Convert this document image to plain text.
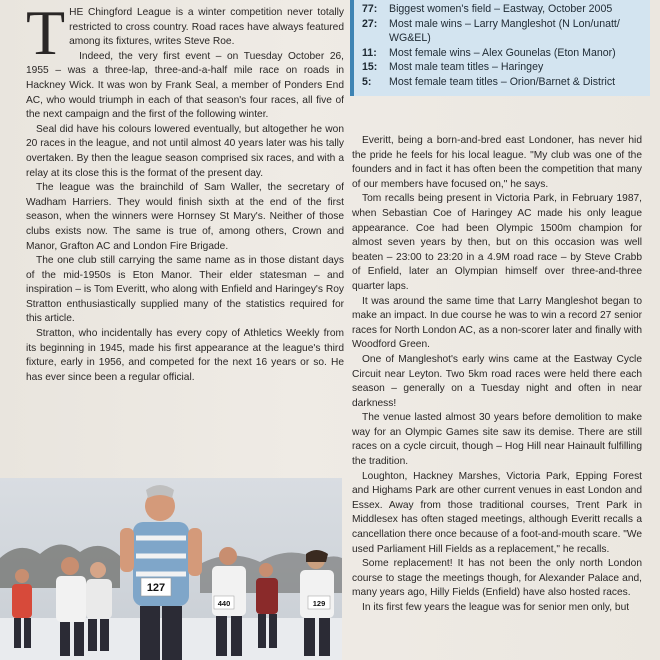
THE Chingford League is a winter competition never totally restricted to cross country. Road races have always featured among its fixtures, writes Steve Roe.

Indeed, the very first event – on Tuesday October 26, 1955 – was a three-lap, three-and-a-half mile race on roads in Hackney Wick. It was won by Frank Seal, a member of Ponders End AC, who would triumph in each of that season's four races, all five of the next campaign and the first of the following winter.

Seal did have his colours lowered eventually, but altogether he won 20 races in the league, and not until almost 40 years later was his tally overtaken. By then the league season comprised six races, and with a relay at its close this is the format of the present day.

The league was the brainchild of Sam Waller, the secretary of Wadham Harriers. They would finish sixth at the end of the first season, when the winners were Hornsey St Mary's. Neither of those clubs exists now. The same is true of, among others, Crown and Manor, Grafton AC and London Fire Brigade.

The one club still carrying the same name as in those distant days of the mid-1950s is Eton Manor. Their elder statesman – and inspiration – is Tom Everitt, who along with Enfield and Haringey's Roy Stratton enthusiastically supplied many of the statistics required for this article.

Stratton, who incidentally has every copy of Athletics Weekly from its beginning in 1945, made his first appearance at the league's third fixture, early in 1956, and competed for the next 16 years or so. He has ever since been a regular official.

77:	Biggest women's field – Eastway, October 2005
27:	Most male wins – Larry Mangleshot (N Lon/unatt/ WG&EL)
11:	Most female wins – Alex Gounelas (Eton Manor)
15:	Most male team titles – Haringey
5:	Most female team titles – Orion/Barnet & District

Everitt, being a born-and-bred east Londoner, has never hid the pride he feels for his local league. "My club was one of the founders and in fact it has often been the competition that many of our members have focused on," he says.

Tom recalls being present in Victoria Park, in February 1987, when Sebastian Coe of Haringey AC made his only league appearance. Coe had been Olympic 1500m champion for almost seven years by then, but on this occasion was well beaten – 23:00 to 23:20 in a 4.9M road race – by Steve Crabb of Enfield, later an Olympian himself over three-and-three quarter laps.

It was around the same time that Larry Mangleshot began to make an impact. In due course he was to win a record 27 senior races for North London AC, as a non-scorer later and finally with Woodford Green.

One of Mangleshot's early wins came at the Eastway Cycle Circuit near Leyton. Two 5km road races were held there each season – generally on a Tuesday night and often in near darkness!

The venue lasted almost 30 years before demolition to make way for an Olympic Games site saw its demise. There are still races on a cycle circuit, though – Hog Hill near Hainault fulfilling the tradition.

Loughton, Hackney Marshes, Victoria Park, Epping Forest and Highams Park are other current venues in east London and Essex. Away from those traditional courses, Trent Park in Middlesex has often staged meetings, although Everitt recalls a cancellation there once because of a foot-and-mouth scare. "We used Parliament Hill Fields as a replacement," he recalls.

Some replacement! It has not been the only north London course to stage the meetings though, for Alexander Palace and, many years ago, Hilly Fields (Enfield) have also hosted races.

In its first few years the league was for senior men only, but

127
440	129
